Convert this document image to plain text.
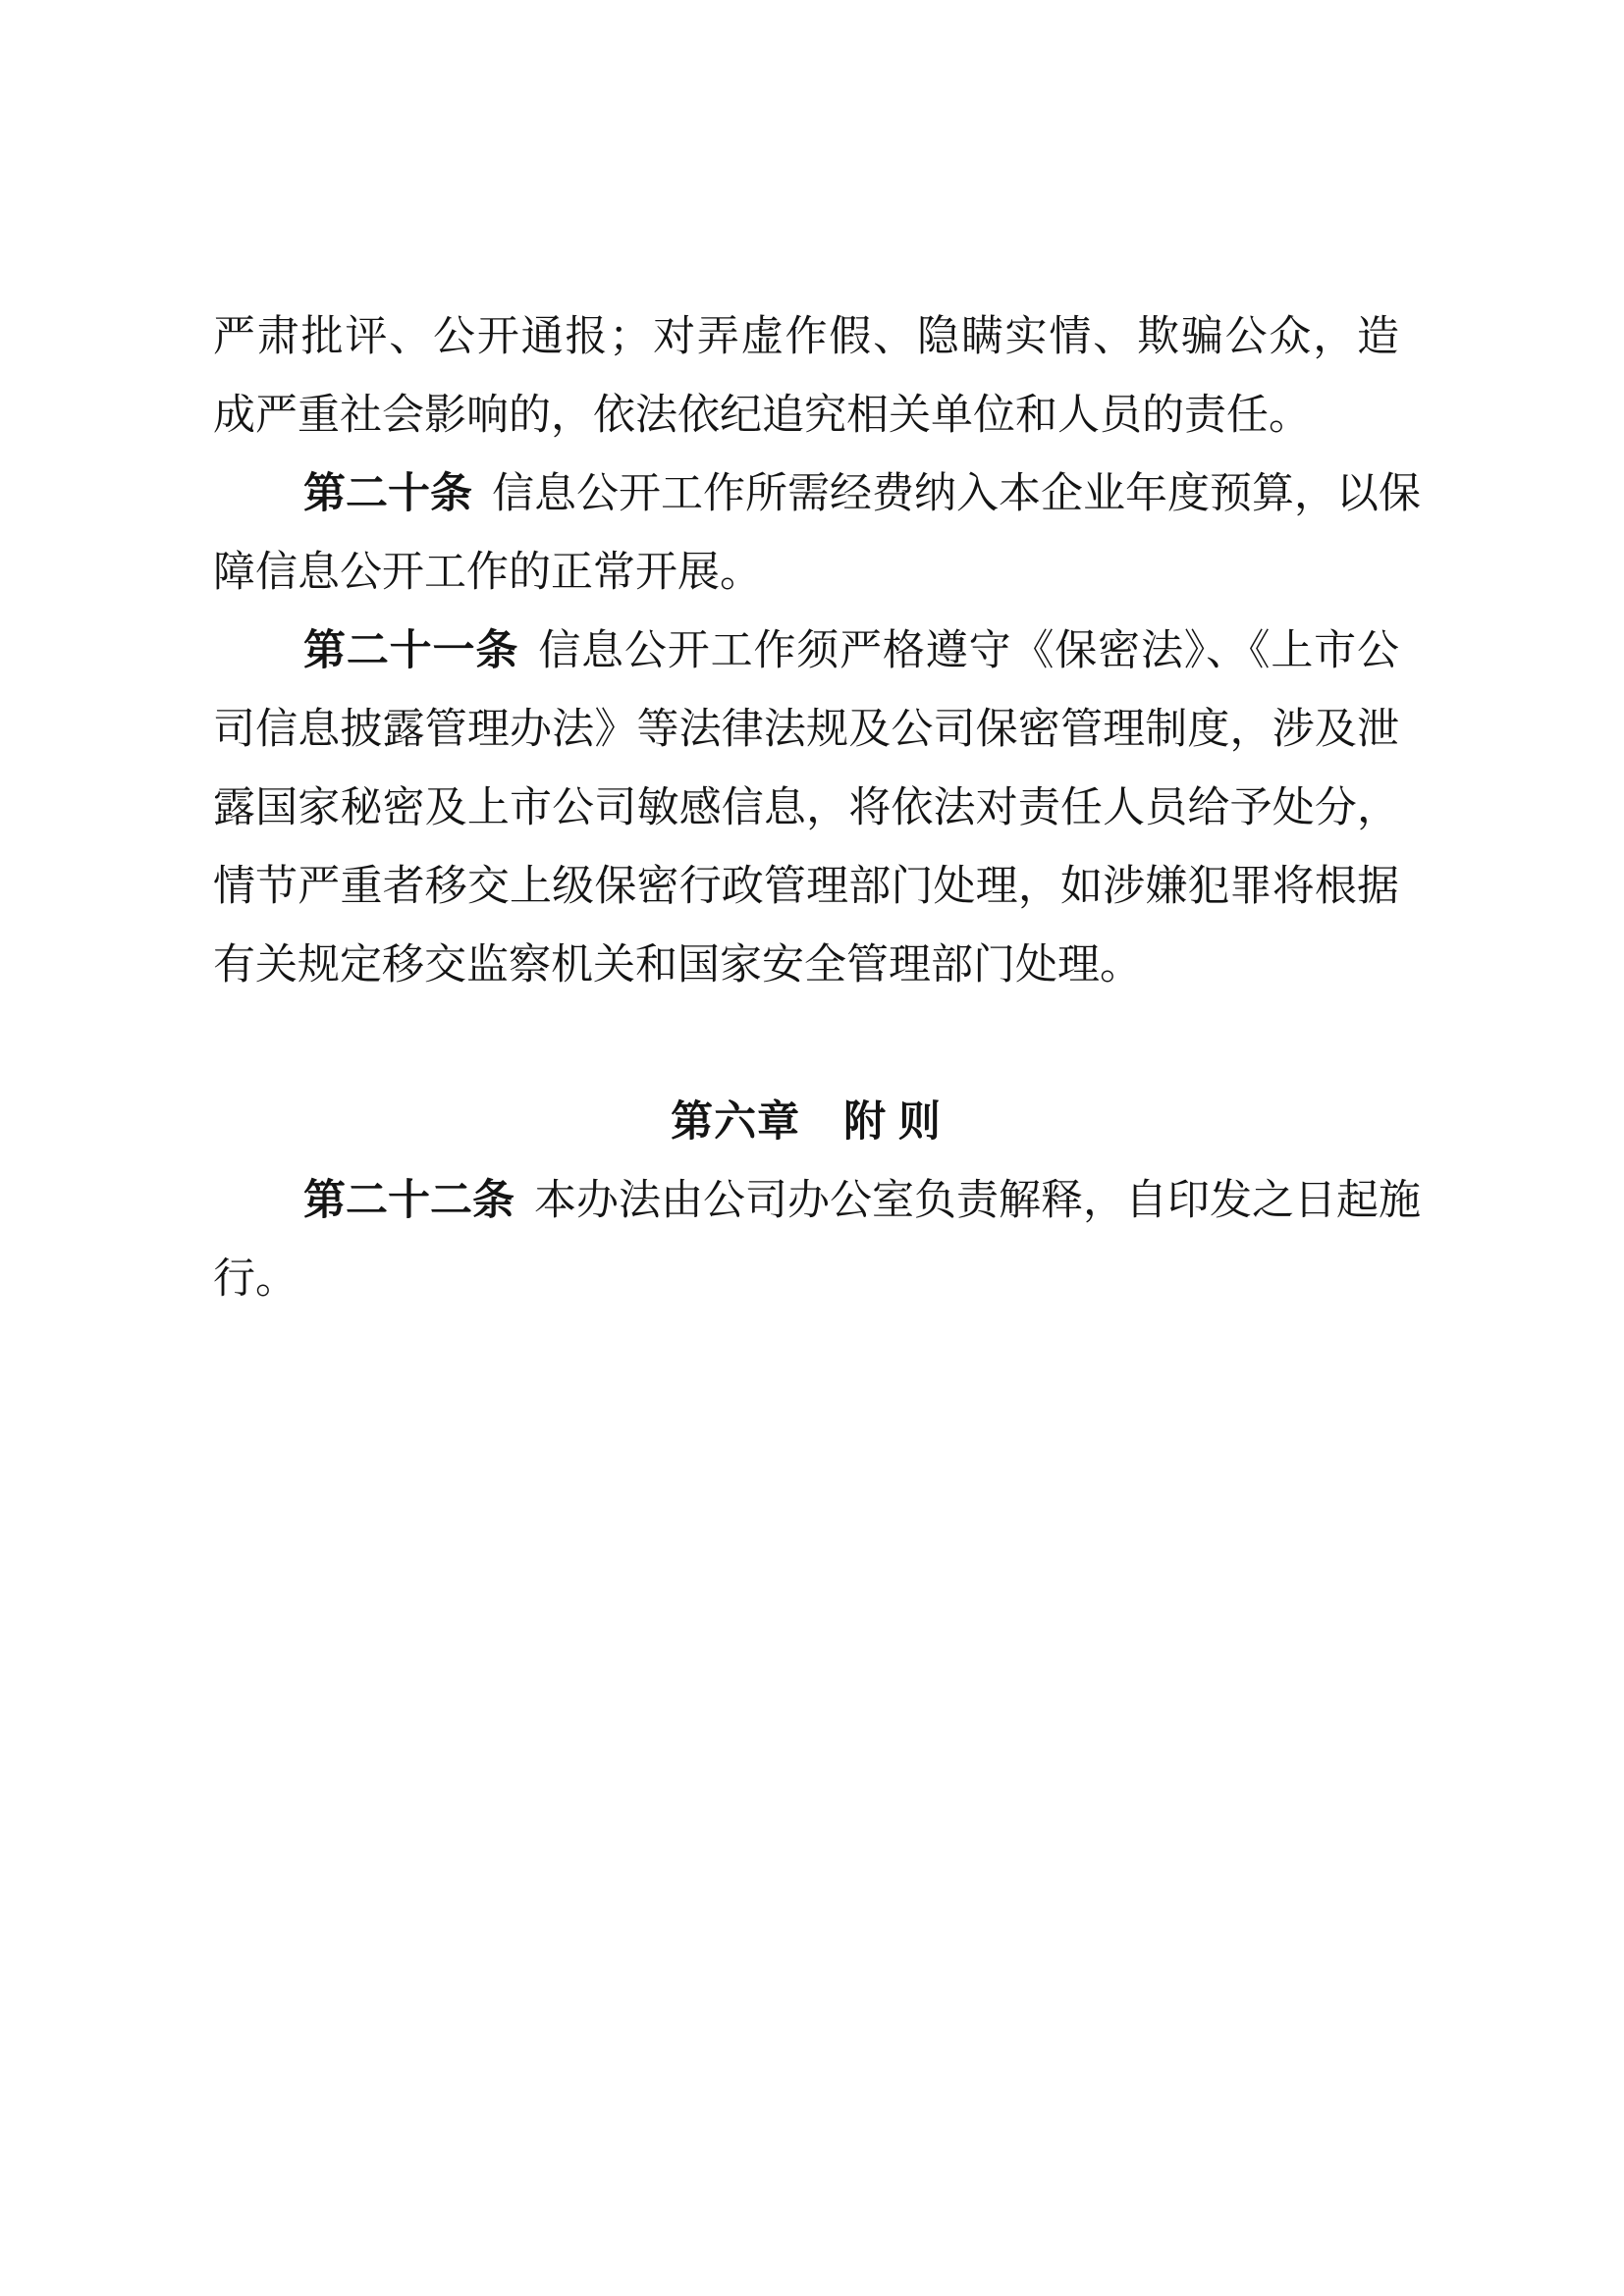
严肃批评、公开通报；对弄虚作假、隐瞒实情、欺骗公众，造
成严重社会影响的，依法依纪追究相关单位和人员的责任。
第二十条 信息公开工作所需经费纳入本企业年度预算，以保
障信息公开工作的正常开展。
第二十一条 信息公开工作须严格遵守《保密法》、《上市公
司信息披露管理办法》等法律法规及公司保密管理制度，涉及泄
露国家秘密及上市公司敏感信息，将依法对责任人员给予处分，
情节严重者移交上级保密行政管理部门处理，如涉嫌犯罪将根据
有关规定移交监察机关和国家安全管理部门处理。
第六章　附 则
第二十二条 本办法由公司办公室负责解释，自印发之日起施
行。
